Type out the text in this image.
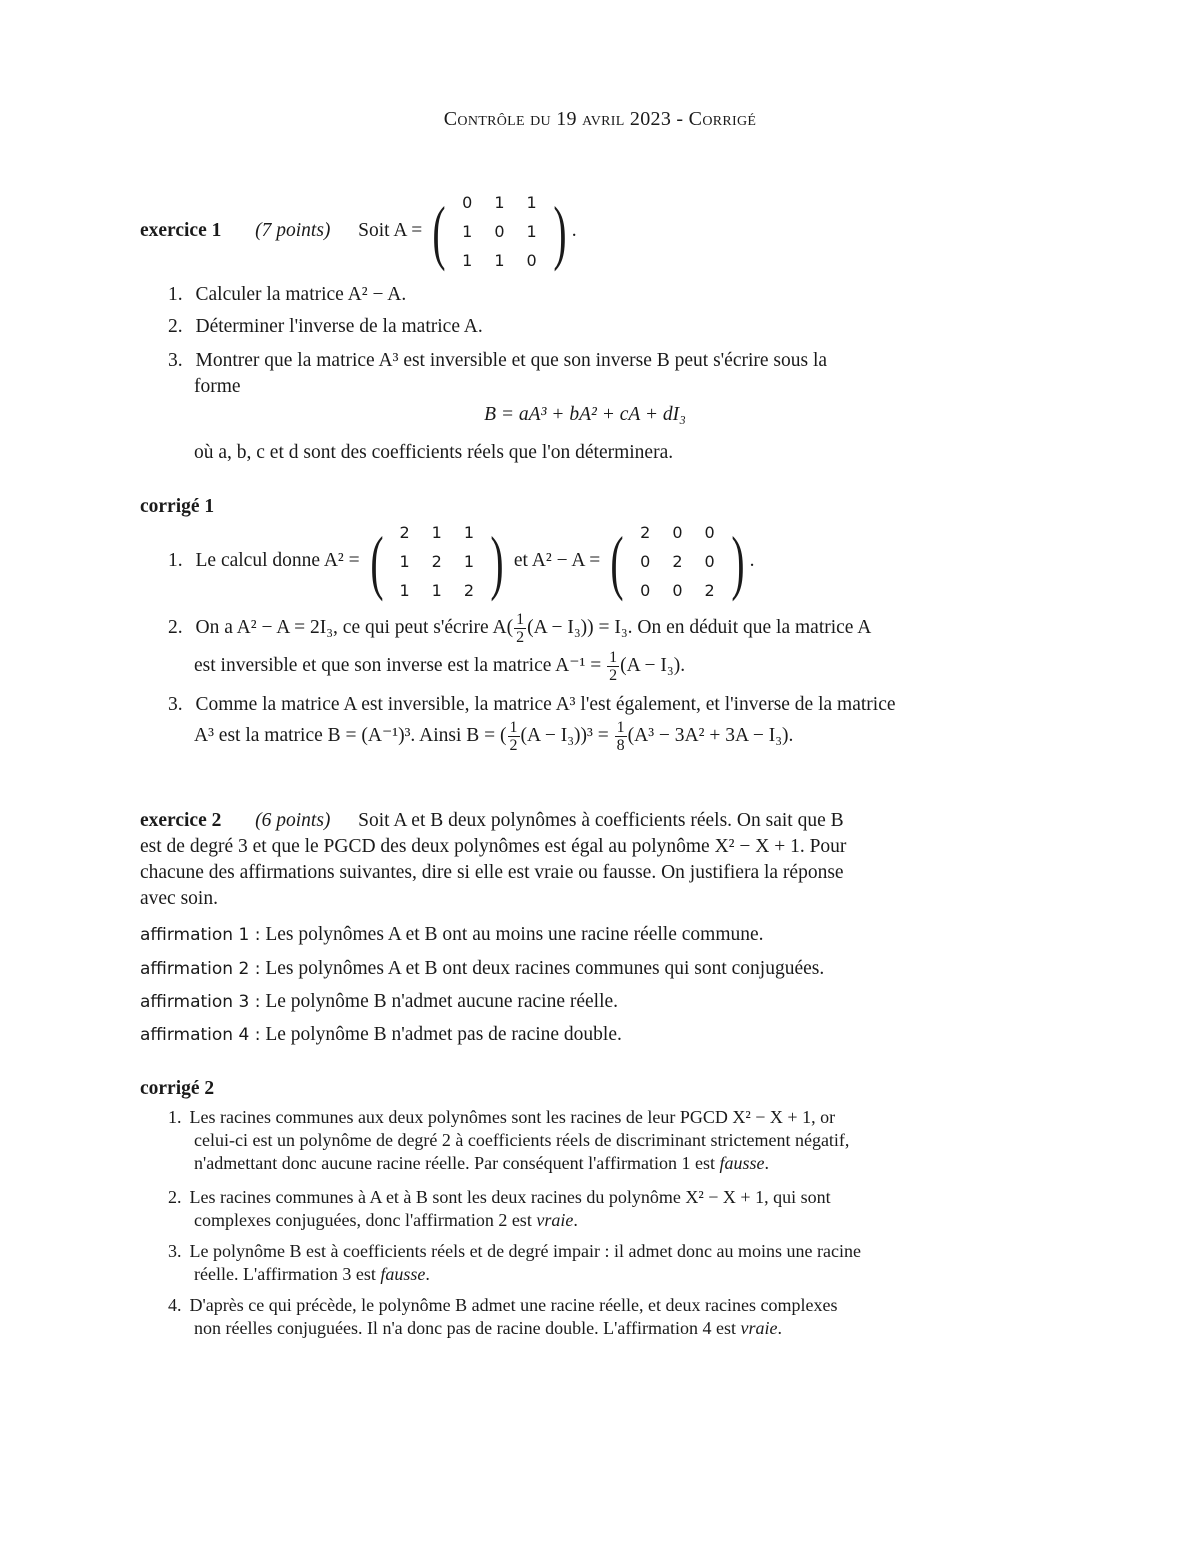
Contrôle du 19 avril 2023 - Corrigé
exercice 1 (7 points) Soit A = ( 0	1	1
1	0	1
1	1	0 ) .
1. Calculer la matrice A² − A.
2. Déterminer l'inverse de la matrice A.
3. Montrer que la matrice A³ est inversible et que son inverse B peut s'écrire sous la
forme
B = aA³ + bA² + cA + dI₃
où a, b, c et d sont des coefficients réels que l'on déterminera.
corrigé 1
1. Le calcul donne A² = ( 2	1	1
1	2	1
1	1	2 ) et A² − A = ( 2	0	0
0	2	0
0	0	2 ) .
2. On a A² − A = 2I₃, ce qui peut s'écrire $A( \frac{1}{2} (A - I_3)) = I_3$. On en déduit que la matrice A
est inversible et que son inverse est la matrice $A^{-1} = \frac{1}{2} (A - I_3)$.
3. Comme la matrice A est inversible, la matrice A³ l'est également, et l'inverse de la matrice
A³ est la matrice B = (A⁻¹)³. Ainsi B = ( $\frac{1}{2} (A - I_3))^3 = \frac{1}{8} (A^3 - 3A^2 + 3A - I_3)$.
exercice 2 (6 points) Soit A et B deux polynômes à coefficients réels. On sait que B
est de degré 3 et que le PGCD des deux polynômes est égal au polynôme X² − X + 1. Pour
chacune des affirmations suivantes, dire si elle est vraie ou fausse. On justifiera la réponse
avec soin.
affirmation 1 : Les polynômes A et B ont au moins une racine réelle commune.
affirmation 2 : Les polynômes A et B ont deux racines communes qui sont conjuguées.
affirmation 3 : Le polynôme B n'admet aucune racine réelle.
affirmation 4 : Le polynôme B n'admet pas de racine double.
corrigé 2
1. Les racines communes aux deux polynômes sont les racines de leur PGCD X² − X + 1, or
celui-ci est un polynôme de degré 2 à coefficients réels de discriminant strictement négatif,
n'admettant donc aucune racine réelle. Par conséquent l'affirmation 1 est fausse.
2. Les racines communes à A et à B sont les deux racines du polynôme X² − X + 1, qui sont
complexes conjuguées, donc l'affirmation 2 est vraie.
3. Le polynôme B est à coefficients réels et de degré impair : il admet donc au moins une racine
réelle. L'affirmation 3 est fausse.
4. D'après ce qui précède, le polynôme B admet une racine réelle, et deux racines complexes
non réelles conjuguées. Il n'a donc pas de racine double. L'affirmation 4 est vraie.
